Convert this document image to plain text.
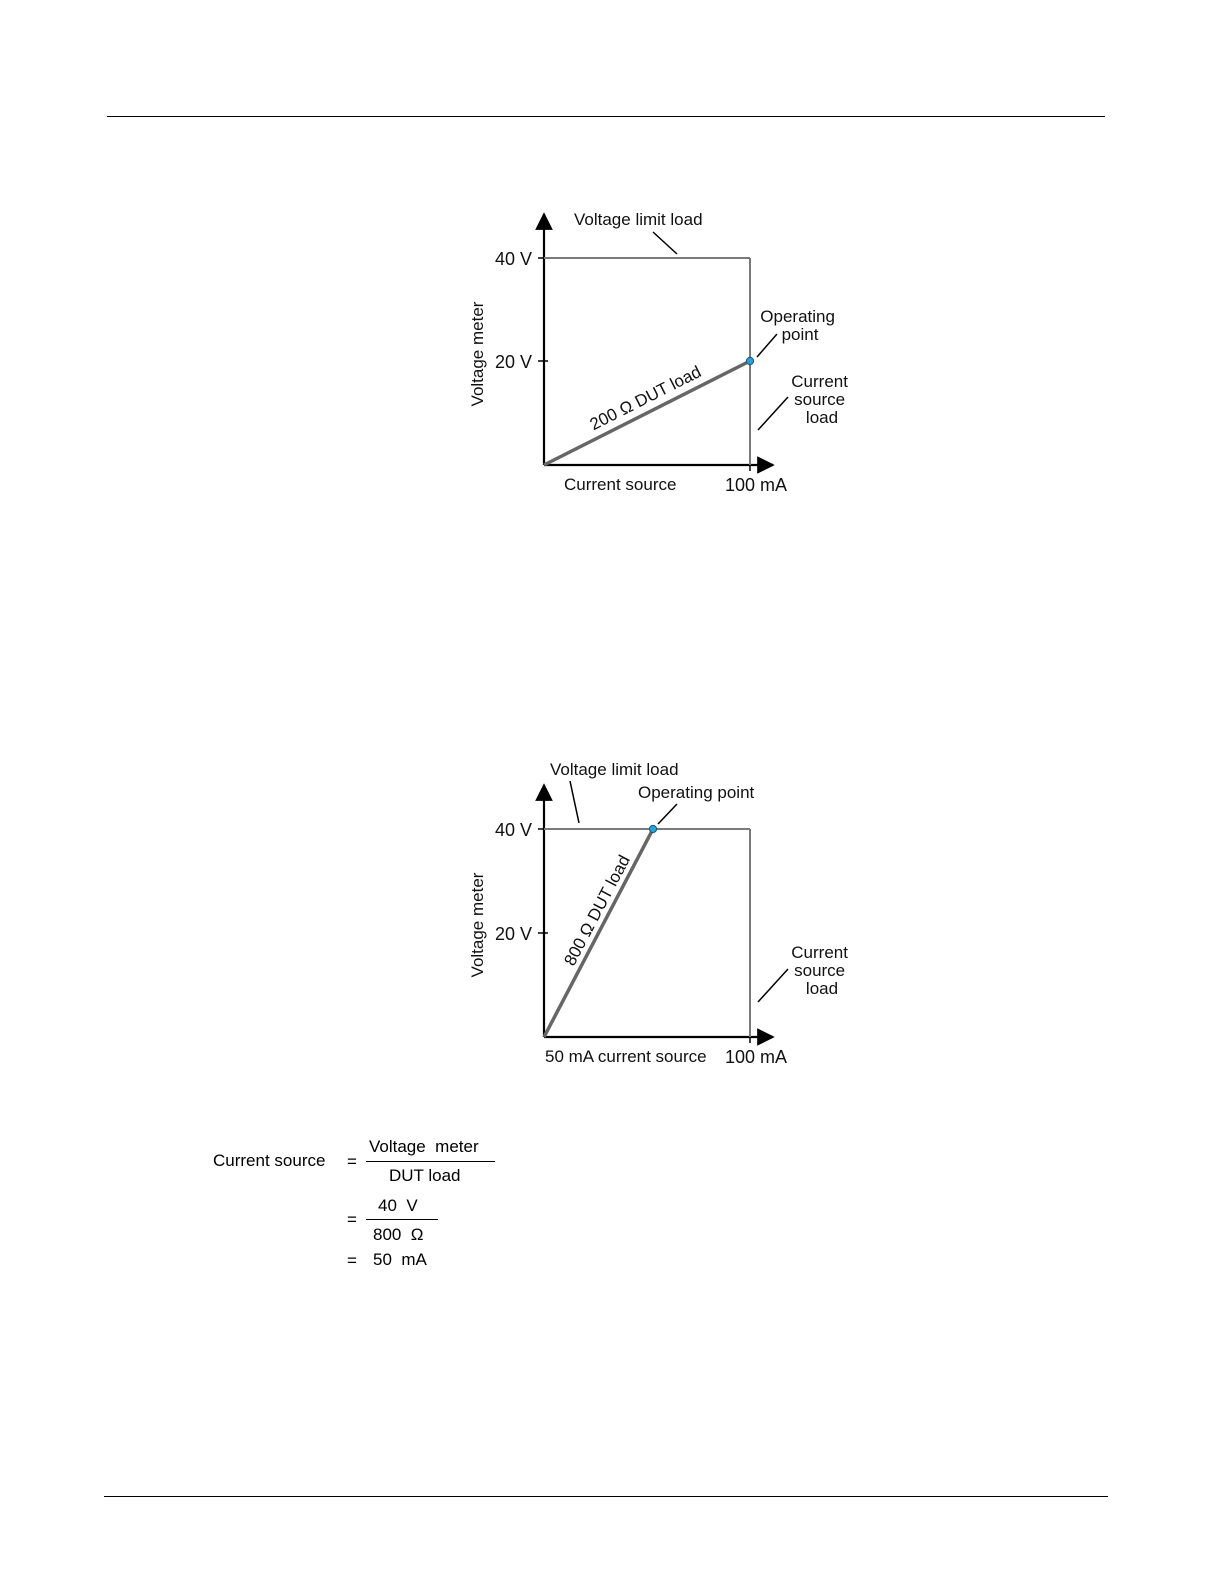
Voltage limit load
40 V
20 V
Voltage meter	Operating point
Current source load
200 Ω DUT load
Current source	100 mA
Voltage limit load
Operating point
40 V
20 V
Voltage meter	Current source load
800 Ω DUT load
50 mA current source 100 mA
Current source =
Voltage  meter
DUT load
=
40  V
800  Ω
= 50  mA
